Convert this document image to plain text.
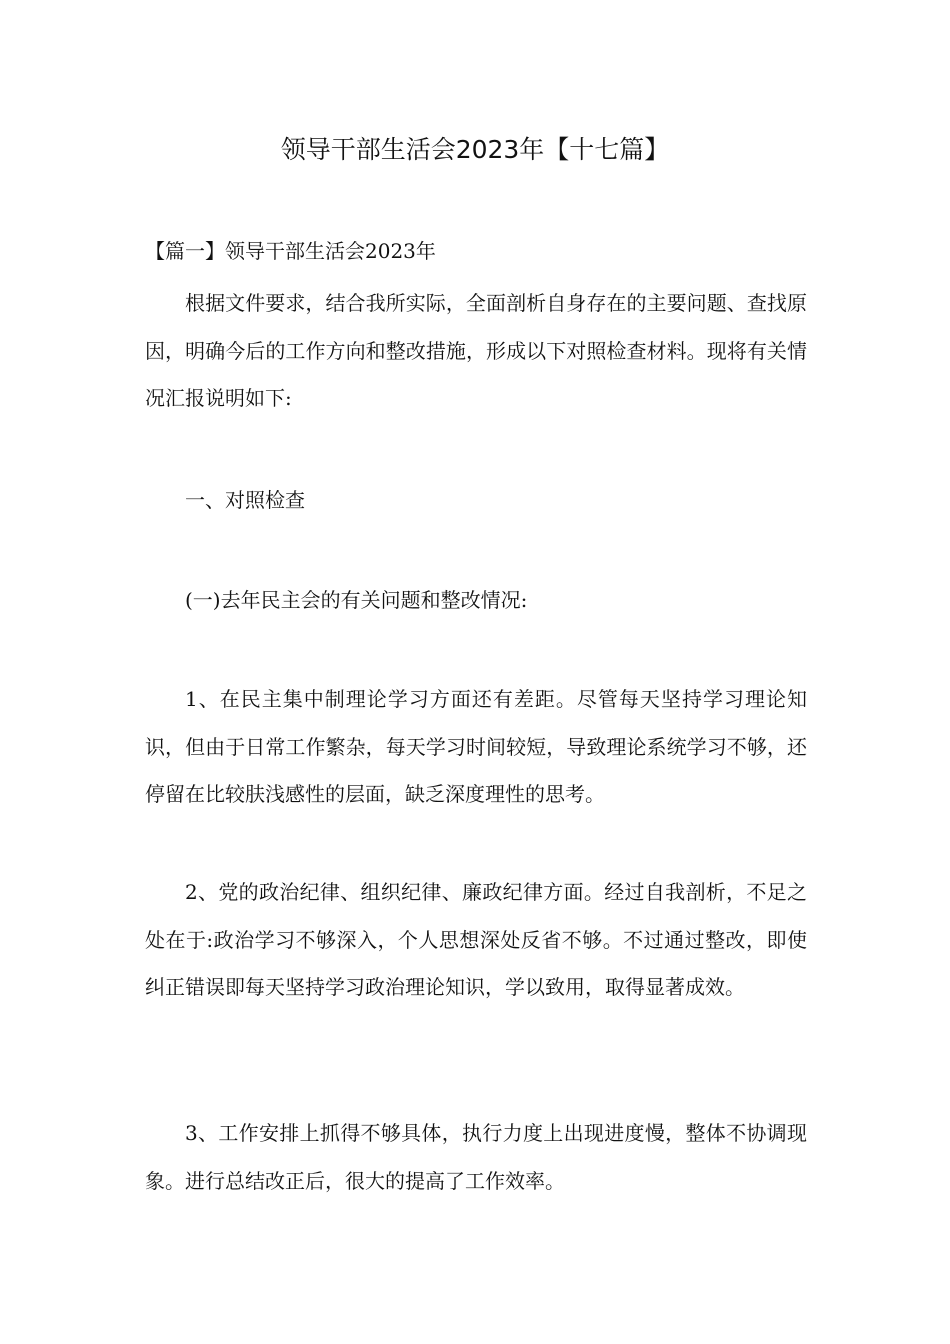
领导干部生活会2023年【十七篇】
【篇一】领导干部生活会2023年

根据文件要求，结合我所实际，全面剖析自身存在的主要问题、查找原因，明确今后的工作方向和整改措施，形成以下对照检查材料。现将有关情况汇报说明如下:

一、对照检查

(一)去年民主会的有关问题和整改情况:

1、在民主集中制理论学习方面还有差距。尽管每天坚持学习理论知识，但由于日常工作繁杂，每天学习时间较短，导致理论系统学习不够，还停留在比较肤浅感性的层面，缺乏深度理性的思考。

2、党的政治纪律、组织纪律、廉政纪律方面。经过自我剖析，不足之处在于:政治学习不够深入，个人思想深处反省不够。不过通过整改，即使纠正错误即每天坚持学习政治理论知识，学以致用，取得显著成效。

3、工作安排上抓得不够具体，执行力度上出现进度慢，整体不协调现象。进行总结改正后，很大的提高了工作效率。
